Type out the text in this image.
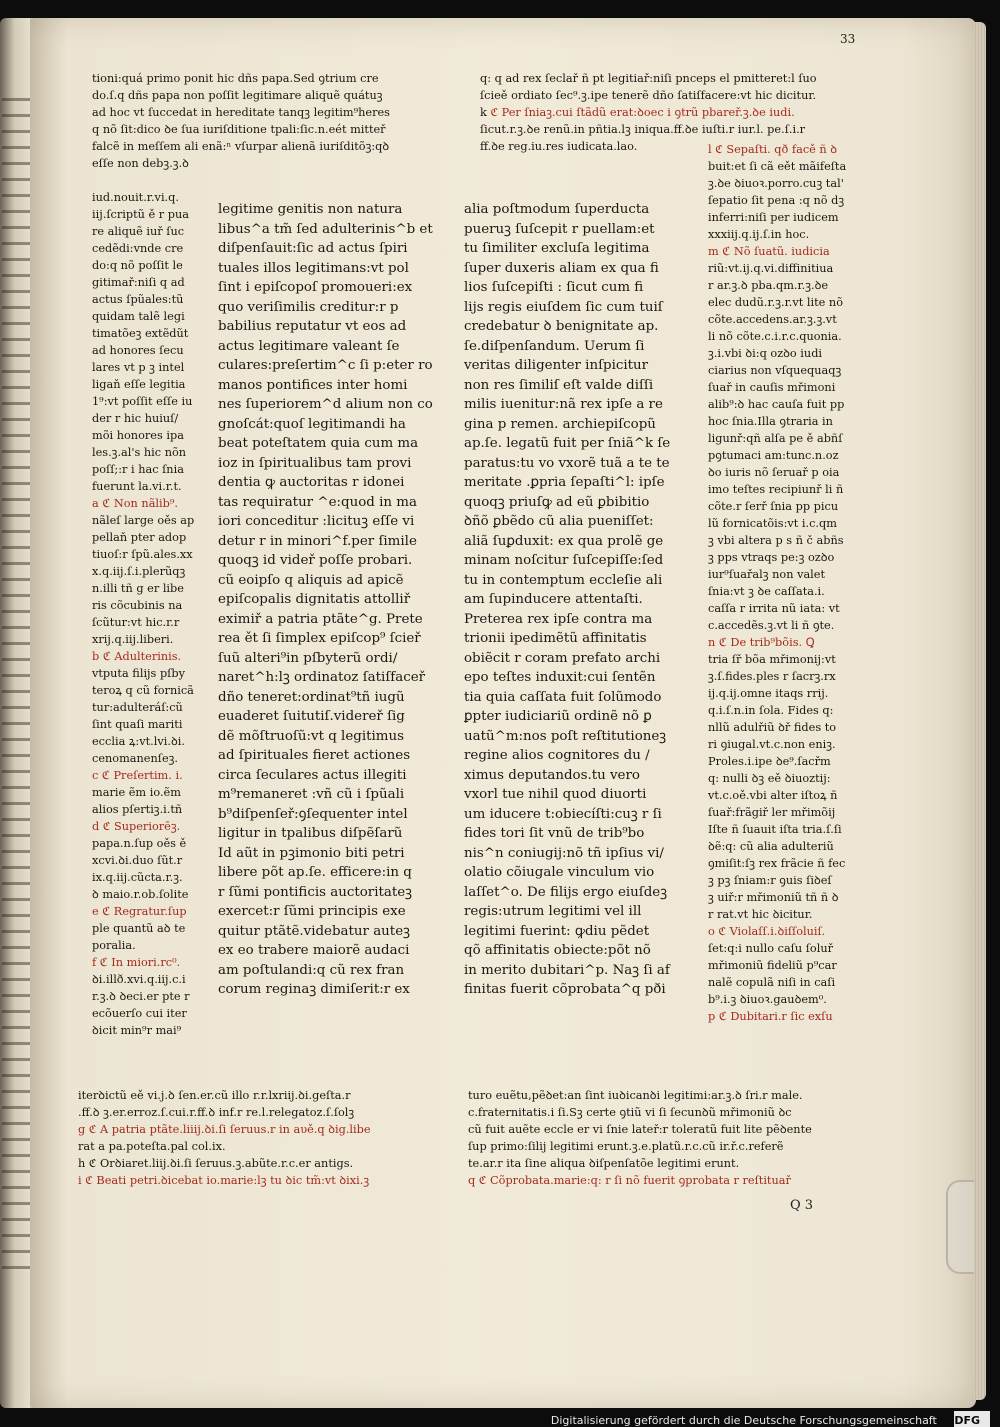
33
tioni:quá primo ponit hic dñs papa.Sed ꝯtrium cre
do.ſ.q dñs papa non poſſit legitimare aliquẽ quátuꝫ
ad hoc vt ſuccedat in hereditate tanqꝫ legitim⁹heres
q nõ ſit:dico ꝺe ſua iuriſditione tpali:ſic.n.eét mitteř
falcẽ in meſſem ali enã:ⁿ vſurpar alienã iuriſditõꝫ:qꝺ
eſſe non debꝫ.ꝫ.ꝺ
q: q ad rex ſeclař ñ pt legitiař:niſi pnceps el pmitteret:l ſuo
ſcieě ordiato ſec⁹.ꝫ.ipe tenerẽ dño ſatiſfacere:vt hic dicitur.
k ℭ Per ſniaꝫ.cui ſtãdũ erat:ꝺoec i ꝯtrũ pbareř.ꝫ.ꝺe iudi.
ſicut.r.ꝫ.ꝺe renũ.in pñtia.lꝫ iniqua.ff.ꝺe iuſti.r iur.l. pe.ſ.i.r
ff.ꝺe reg.iu.res iudicata.lao.
iud.nouit.r.vi.q.
iij.ſcriptũ ě r pua
re aliquẽ iuř ſuc
cedẽdi:vnde cre
do:q nõ poſſit le
gitimař:niſi q ad
actus ſpũales:tũ
quidam talẽ legi
timatõeꝫ extẽdũt
ad honores ſecu
lares vt p ꝫ intel
ligaň eſſe legitia
1⁹:vt poſſit eſſe iu
der r hic huiuſ/
mõi honores ipa
les.ꝫ.al's hic nõn
poſſ;:r i hac ſnia
fuerunt la.vi.r.t.
a ℭ Non nãlib⁹.
nãleſ large oěs ap
pellaň pter adop
tiuoſ:r ſpũ.ales.xx
x.q.iij.ſ.i.plerũqꝫ
n.illi tñ g er libe
ris cõcubinis na
ſcũtur:vt hic.r.r
xrij.q.iij.liberi.
b ℭ Adulterinis.
vtputa filijs pſby
teroꝝ q cũ fornicã
tur:adulteráſ:cũ
ſint quaſi mariti
ecclia ꝝ:vt.lvi.ꝺi.
cenomanenſeꝫ.
c ℭ Preſertim. i.
marie ẽm io.ẽm
alios pſertiꝫ.i.tñ
d ℭ Superiorēꝫ.
papa.n.ſup oěs ě
xcvi.ꝺi.duo ſũt.r
ix.q.iij.cũcta.r.ꝫ.
ꝺ maio.r.ob.ſolite
e ℭ Regratur.ſup
ple quantũ aꝺ te
poralia.
f ℭ In miori.rc⁰.
ꝺi.illð.xvi.q.iij.c.i
r.ꝫ.ꝺ ꝺeci.er pte r
ecõuerſo cui iter
ꝺicit min⁹r mai⁹
legitime genitis non natura
libus^a tm̃ ſed adulterinis^b et
diſpenſauit:ſic ad actus ſpiri
tuales illos legitimans:vt pol
ſint i epiſcopoſ promoueri:ex
quo veriſimilis creditur:r p
babilius reputatur vt eos ad
actus legitimare valeant ſe
culares:preſertim^c ſi p:eter ro
manos pontifices inter homi
nes ſuperiorem^d alium non co
gnoſcát:quoſ legitimandi ha
beat poteſtatem quia cum ma
ioz in ſpiritualibus tam provi
dentia ꝙ auctoritas r idonei
tas requiratur ^e:quod in ma
iori conceditur :licituꝫ eſſe vi
detur r in minori^f.per ſimile
quoqꝫ id videř poſſe probari.
cũ eoipſo q aliquis ad apicẽ
epiſcopalis dignitatis attolliř
eximiř a patria ptãte^g. Prete
rea ět ſi ſimplex epiſcop⁹ ſcieř
ſuũ alteri⁹in pſbyterũ ordi/
naret^h:lꝫ ordinatoz ſatiſfaceř
dño teneret:ordinat⁹tñ iugũ
euaderet ſuitutiſ.videreř ſig
dẽ mõſtruoſũ:vt q legitimus
ad ſpirituales fieret actiones
circa ſeculares actus illegiti
m⁹remaneret :vñ cũ i ſpũali
b⁹diſpenſeř:ꝯſequenter intel
ligitur in tpalibus diſpẽſarũ
Id aũt in pꝫimonio biti petri
libere põt ap.ſe. efficere:in q
r ſũmi pontificis auctoritateꝫ
exercet:r ſũmi principis exe
quitur ptãtẽ.videbatur auteꝫ
ex eo trabere maiorẽ audaci
am poſtulandi:q cũ rex fran
corum reginaꝫ dimiſerit:r ex
alia poſtmodum ſuperducta
pueruꝫ ſuſcepit r puellam:et
tu ſimiliter excluſa legitima
ſuper duxeris aliam ex qua fi
lios ſuſcepiſti : ſicut cum fi
lijs regis eiuſdem ſic cum tuiſ
credebatur ꝺ benignitate ap.
ſe.diſpenſandum. Uerum ſi
veritas diligenter inſpicitur
non res ſimiliſ eſt valde diſſi
milis iuenitur:nã rex ipſe a re
gina p remen. archiepiſcopũ
ap.ſe. legatũ fuit per ſniã^k ſe
paratus:tu vo vxorẽ tuã a te te
meritate .ꝑpria ſepaſti^l: ipſe
quoqꝫ priuſꝙ ad eũ ꝑbibitio
ꝺñõ ꝑbẽdo cũ alia pueniſſet:
aliã ſuꝑduxit: ex qua prolẽ ge
minam noſcitur ſuſcepiſſe:ſed
tu in contemptum eccleſie ali
am ſupinducere attentaſti.
Preterea rex ipſe contra ma
trionii ipedimẽtũ affinitatis
obiẽcit r coram prefato archi
epo teſtes induxit:cui ſentẽn
tia quia caſſata fuit ſolũmodo
ꝑpter iudiciariũ ordinẽ nõ ꝑ
uatũ^m:nos poſt reſtitutioneꝫ
regine alios cognitores du /
ximus deputandos.tu vero
vxorl tue nihil quod diuorti
um iducere t:obiecíſti:cuꝫ r ſi
fides tori ſit vnũ de trib⁹bo
nis^n coniugij:nõ tñ ipſius vi/
olatio cõiugale vinculum vio
laſſet^o. De filijs ergo eiuſdeꝫ
regis:utrum legitimi vel ill
legitimi fuerint: ꝙdiu pẽdet
qõ affinitatis obiecte:põt nõ
in merito dubitari^p. Naꝫ ſi af
finitas fuerit cõprobata^q pði
l ℭ Sepaſti. qð facě ñ ꝺ
buit:et ſi cã eět mãifeſta
ꝫ.ꝺe ꝺiuoꝛ.porro.cuꝫ tal'
ſepatio ſit pena :q nõ dꝫ
inferri:niſi per iudicem
xxxiij.q.ij.ſ.in hoc.
m ℭ Nõ ſuatũ. iudicia
riũ:vt.ij.q.vi.diffinitiua
r ar.ꝫ.ꝺ pba.qm.r.ꝫ.ꝺe
elec dudũ.r.ꝫ.r.vt lite nõ
cõte.accedens.ar.ꝫ.ꝫ.vt
li nõ cõte.c.i.r.c.quonia.
ꝫ.i.vbi ꝺi:q ozꝺo iudi
ciarius non vſquequaqꝫ
ſuař in cauſis mřimoni
alib⁹:ꝺ hac cauſa fuit pp
hoc ſnia.Illa ꝯtraria in
ligunř:qñ alſa pe ě abñſ
pꝯtumaci am:tunc.n.oz
ꝺo iuris nõ ſeruař p oia
imo teſtes recipiunř li ñ
cõte.r ſerř ſnia pp picu
lũ fornicatõis:vt i.c.qm
ꝫ vbi altera p s ñ č abñs
ꝫ pps vtraqs pe:ꝫ ozꝺo
iur⁹ſuařalꝫ non valet
ſnia:vt ꝫ ꝺe caſſata.i.
caſſa r irrita nũ iata: vt
c.accedẽs.ꝫ.vt li ñ ꝯte.
n ℭ De trib⁹bõis. Ꝗ
tria ſř bõa mřimonij:vt
ꝫ.ſ.fides.ples r ſacrꝫ.rx
ij.q.ij.omne itaqs rrij.
q.i.ſ.n.in ſola. Fides q:
nllũ adulřiũ ꝺř fides to
ri ꝯiugal.vt.c.non eniꝫ.
Proles.i.ipe ꝺe⁹.ſacřm
q: nulli ꝺꝫ eě ꝺiuoztij:
vt.c.oě.vbi alter iſtoꝝ ñ
ſuař:frãgiř ler mřimõij
Iſte ñ ſuauit iſta tria.ſ.ſi
ꝺẽ:q: cũ alia adulteriũ
ꝯmiſit:ſꝫ rex frãcie ñ fec
ꝫ pꝫ ſniam:r ꝯuis ſiꝺeſ
ꝫ uiř:r mřimoniũ tñ ñ ꝺ
r rat.vt hic ꝺicitur.
o ℭ Violaſſ.i.ꝺiſſoluiſ.
ſet:q:i nullo caſu ſoluř
mřimoniũ fideliũ p⁹car
nalẽ copulã niſi in caſi
b⁹.i.ꝫ ꝺiuoꝛ.gauꝺem⁰.
p ℭ Dubitari.r ſic exſu
iterꝺictũ eě vi.j.ꝺ ſen.er.cũ illo r.r.lxriij.ꝺi.geſta.r
.ff.ꝺ ꝫ.er.erroz.ſ.cui.r.ff.ꝺ inf.r re.l.relegatoz.ſ.ſolꝫ
g ℭ A patria ptãte.liiij.ꝺi.ſi ſeruus.r in aυě.q ꝺig.libe
rat a pa.poteſta.pal col.ix.
h ℭ Orꝺiaret.liij.ꝺi.ſi ſeruus.ꝫ.abũte.r.c.er antigs.
i ℭ Beati petri.ꝺicebat io.marie:lꝫ tu ꝺic tm̃:vt ꝺixi.ꝫ
turo euẽtu,pẽꝺet:an ſint iuꝺicanꝺi legitimi:ar.ꝫ.ꝺ ſri.r male.
c.fraternitatis.i ſi.Sꝫ certe ꝯtiũ vi ſi ſecunꝺũ mřimoniũ ꝺc
cũ fuit auẽte eccle er vi ſnie lateř:r toleratũ fuit lite pẽꝺente
ſup primo:ſilij legitimi erunt.ꝫ.e.platũ.r.c.cũ ir.ř.c.referẽ
te.ar.r ita ſine aliqua ꝺiſpenſatõe legitimi erunt.
q ℭ Cõprobata.marie:q: r ſi nõ fuerit ꝯprobata r reſtituař
Q 3
Digitalisierung gefördert durch die Deutsche Forschungsgemeinschaft DFG
